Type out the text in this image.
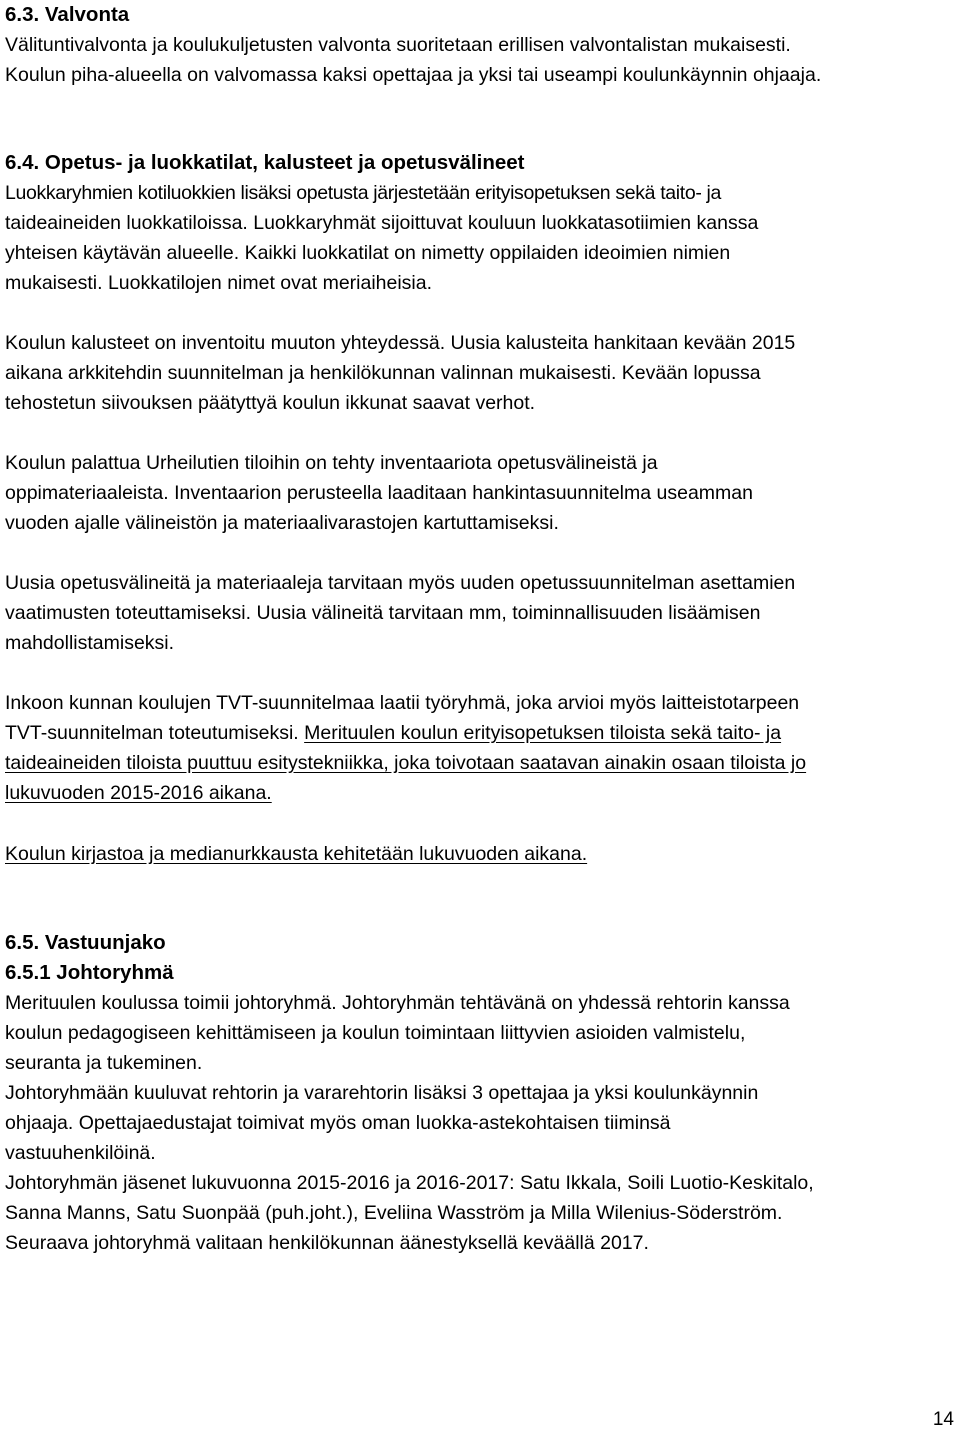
6.3. Valvonta
Välituntivalvonta ja koulukuljetusten valvonta suoritetaan erillisen valvontalistan mukaisesti.
Koulun piha-alueella on valvomassa kaksi opettajaa ja yksi tai useampi koulunkäynnin ohjaaja.
6.4. Opetus- ja luokkatilat, kalusteet ja opetusvälineet
Luokkaryhmien kotiluokkien lisäksi opetusta järjestetään erityisopetuksen sekä taito- ja
taideaineiden luokkatiloissa. Luokkaryhmät sijoittuvat kouluun luokkatasotiimien kanssa
yhteisen käytävän alueelle. Kaikki luokkatilat on nimetty oppilaiden ideoimien nimien
mukaisesti. Luokkatilojen nimet ovat meriaiheisia.
Koulun kalusteet on inventoitu muuton yhteydessä. Uusia kalusteita hankitaan kevään 2015
aikana arkkitehdin suunnitelman ja henkilökunnan valinnan mukaisesti. Kevään lopussa
tehostetun siivouksen päätyttyä koulun ikkunat saavat verhot.
Koulun palattua Urheilutien tiloihin on tehty inventaariota opetusvälineistä ja
oppimateriaaleista. Inventaarion perusteella laaditaan hankintasuunnitelma useamman
vuoden ajalle välineistön ja materiaalivarastojen kartuttamiseksi.
Uusia opetusvälineitä ja materiaaleja tarvitaan myös uuden opetussuunnitelman asettamien
vaatimusten toteuttamiseksi. Uusia välineitä tarvitaan mm, toiminnallisuuden lisäämisen
mahdollistamiseksi.
Inkoon kunnan koulujen TVT-suunnitelmaa laatii työryhmä, joka arvioi myös laitteistotarpeen
TVT-suunnitelman toteutumiseksi. Merituulen koulun erityisopetuksen tiloista sekä taito- ja
taideaineiden tiloista puuttuu esitystekniikka, joka toivotaan saatavan ainakin osaan tiloista jo
lukuvuoden 2015-2016 aikana.
Koulun kirjastoa ja medianurkkausta kehitetään lukuvuoden aikana.
6.5. Vastuunjako
6.5.1 Johtoryhmä
Merituulen koulussa toimii johtoryhmä. Johtoryhmän tehtävänä on yhdessä rehtorin kanssa
koulun pedagogiseen kehittämiseen ja koulun toimintaan liittyvien asioiden valmistelu,
seuranta ja tukeminen.
Johtoryhmään kuuluvat rehtorin ja vararehtorin lisäksi 3 opettajaa ja yksi koulunkäynnin
ohjaaja. Opettajaedustajat toimivat myös oman luokka-astekohtaisen tiiminsä
vastuuhenkilöinä.
Johtoryhmän jäsenet lukuvuonna 2015-2016 ja 2016-2017: Satu Ikkala, Soili Luotio-Keskitalo,
Sanna Manns, Satu Suonpää (puh.joht.), Eveliina Wasström ja Milla Wilenius-Söderström.
Seuraava johtoryhmä valitaan henkilökunnan äänestyksellä keväällä 2017.
14
